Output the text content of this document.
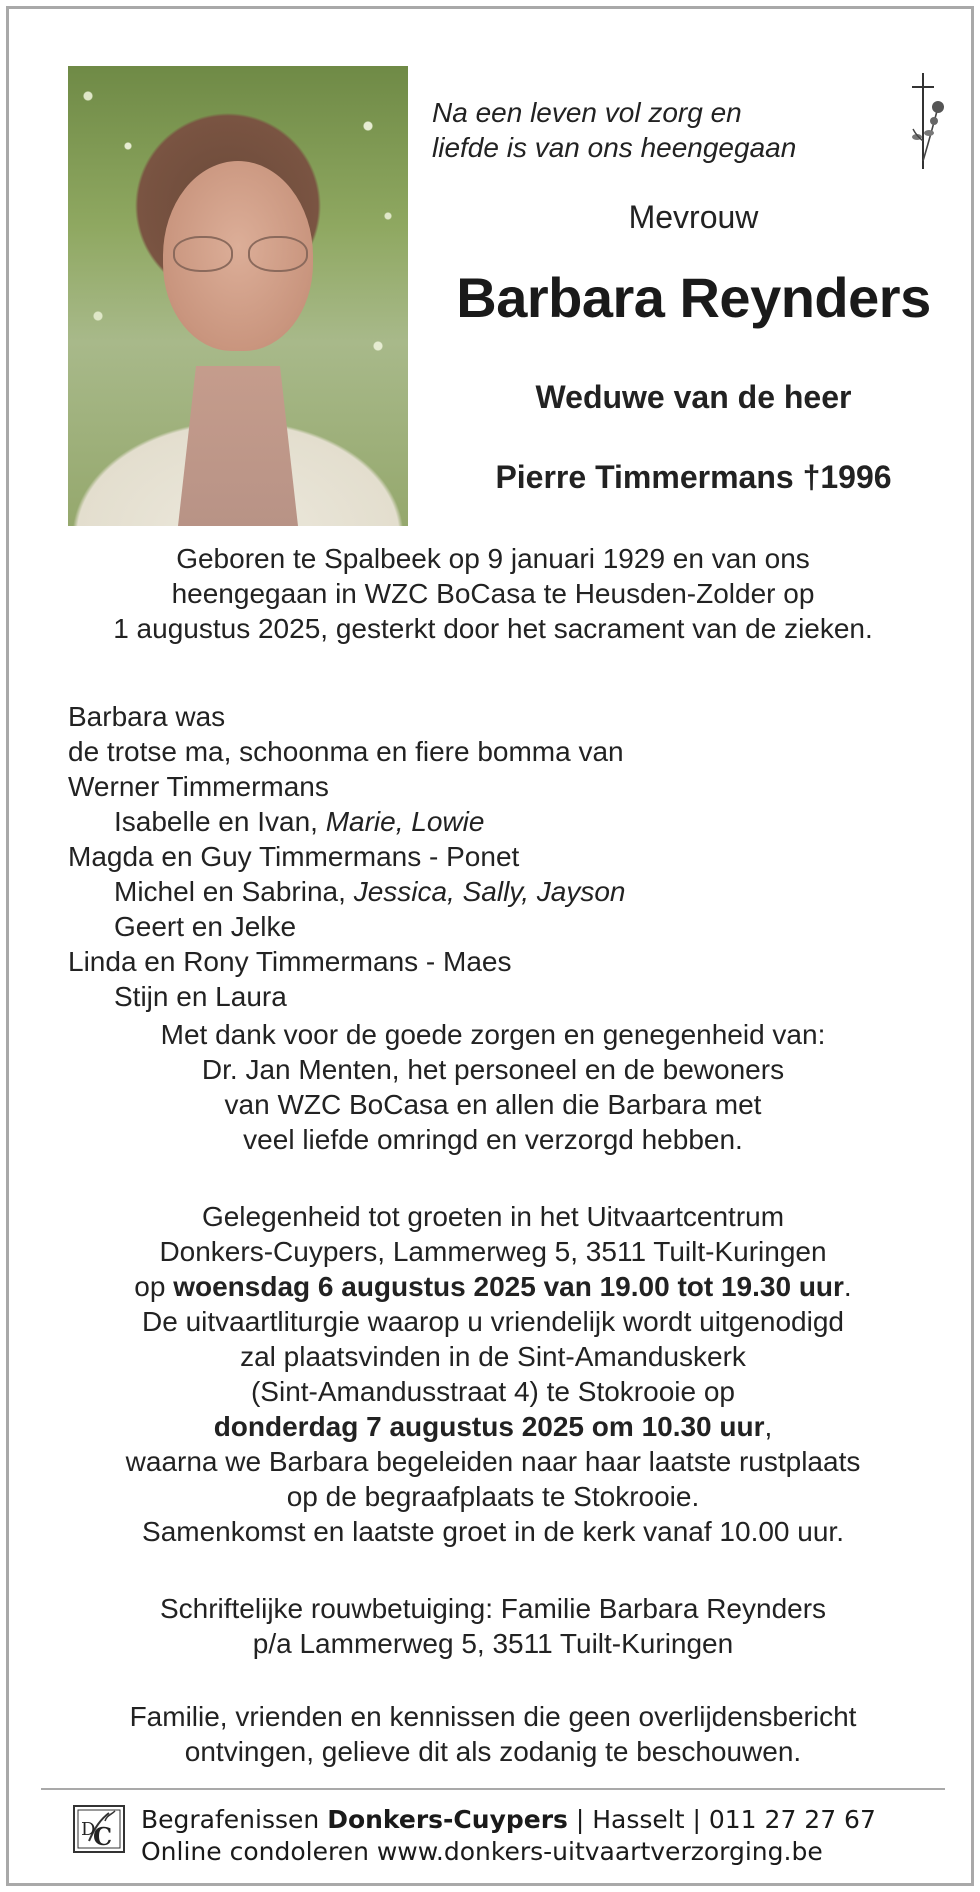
Na een leven vol zorg en
liefde is van ons heengegaan
Mevrouw
Barbara Reynders
Weduwe van de heer
Pierre Timmermans †1996
Geboren te Spalbeek op 9 januari 1929 en van ons
heengegaan in WZC BoCasa te Heusden-Zolder op
1 augustus 2025, gesterkt door het sacrament van de zieken.
Barbara was
de trotse ma, schoonma en fiere bomma van
Werner Timmermans
Isabelle en Ivan, Marie, Lowie
Magda en Guy Timmermans - Ponet
Michel en Sabrina, Jessica, Sally, Jayson
Geert en Jelke
Linda en Rony Timmermans - Maes
Stijn en Laura
Met dank voor de goede zorgen en genegenheid van:
Dr. Jan Menten, het personeel en de bewoners
van WZC BoCasa en allen die Barbara met
veel liefde omringd en verzorgd hebben.
Gelegenheid tot groeten in het Uitvaartcentrum
Donkers-Cuypers, Lammerweg 5, 3511 Tuilt-Kuringen
op woensdag 6 augustus 2025 van 19.00 tot 19.30 uur.
De uitvaartliturgie waarop u vriendelijk wordt uitgenodigd
zal plaatsvinden in de Sint-Amanduskerk
(Sint-Amandusstraat 4) te Stokrooie op
donderdag 7 augustus 2025 om 10.30 uur,
waarna we Barbara begeleiden naar haar laatste rustplaats
op de begraafplaats te Stokrooie.
Samenkomst en laatste groet in de kerk vanaf 10.00 uur.
Schriftelijke rouwbetuiging: Familie Barbara Reynders
p/a Lammerweg 5, 3511 Tuilt-Kuringen
Familie, vrienden en kennissen die geen overlijdensbericht
ontvingen, gelieve dit als zodanig te beschouwen.
C
D Begrafenissen Donkers-Cuypers | Hasselt | 011 27 27 67
Online condoleren www.donkers-uitvaartverzorging.be
